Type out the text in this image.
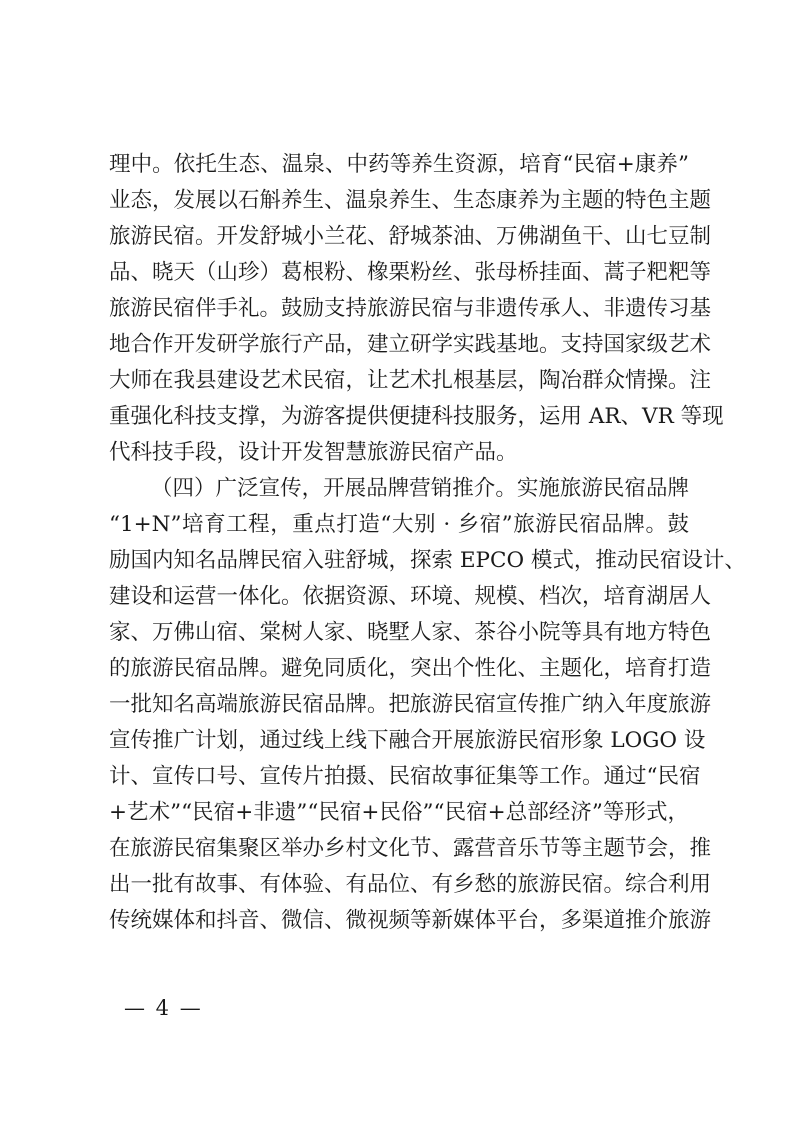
理中。依托生态、温泉、中药等养生资源，培育“民宿+康养”
业态，发展以石斛养生、温泉养生、生态康养为主题的特色主题
旅游民宿。开发舒城小兰花、舒城茶油、万佛湖鱼干、山七豆制
品、晓天（山珍）葛根粉、橡栗粉丝、张母桥挂面、蒿子粑粑等
旅游民宿伴手礼。鼓励支持旅游民宿与非遗传承人、非遗传习基
地合作开发研学旅行产品，建立研学实践基地。支持国家级艺术
大师在我县建设艺术民宿，让艺术扎根基层，陶冶群众情操。注
重强化科技支撑，为游客提供便捷科技服务，运用 AR、VR 等现
代科技手段，设计开发智慧旅游民宿产品。
（四）广泛宣传，开展品牌营销推介。实施旅游民宿品牌
“1+N”培育工程，重点打造“大别 · 乡宿”旅游民宿品牌。鼓
励国内知名品牌民宿入驻舒城，探索 EPCO 模式，推动民宿设计、
建设和运营一体化。依据资源、环境、规模、档次，培育湖居人
家、万佛山宿、棠树人家、晓墅人家、茶谷小院等具有地方特色
的旅游民宿品牌。避免同质化，突出个性化、主题化，培育打造
一批知名高端旅游民宿品牌。把旅游民宿宣传推广纳入年度旅游
宣传推广计划，通过线上线下融合开展旅游民宿形象 LOGO 设
计、宣传口号、宣传片拍摄、民宿故事征集等工作。通过“民宿
+艺术”“民宿+非遗”“民宿+民俗”“民宿+总部经济”等形式，
在旅游民宿集聚区举办乡村文化节、露营音乐节等主题节会，推
出一批有故事、有体验、有品位、有乡愁的旅游民宿。综合利用
传统媒体和抖音、微信、微视频等新媒体平台，多渠道推介旅游
— 4 —
